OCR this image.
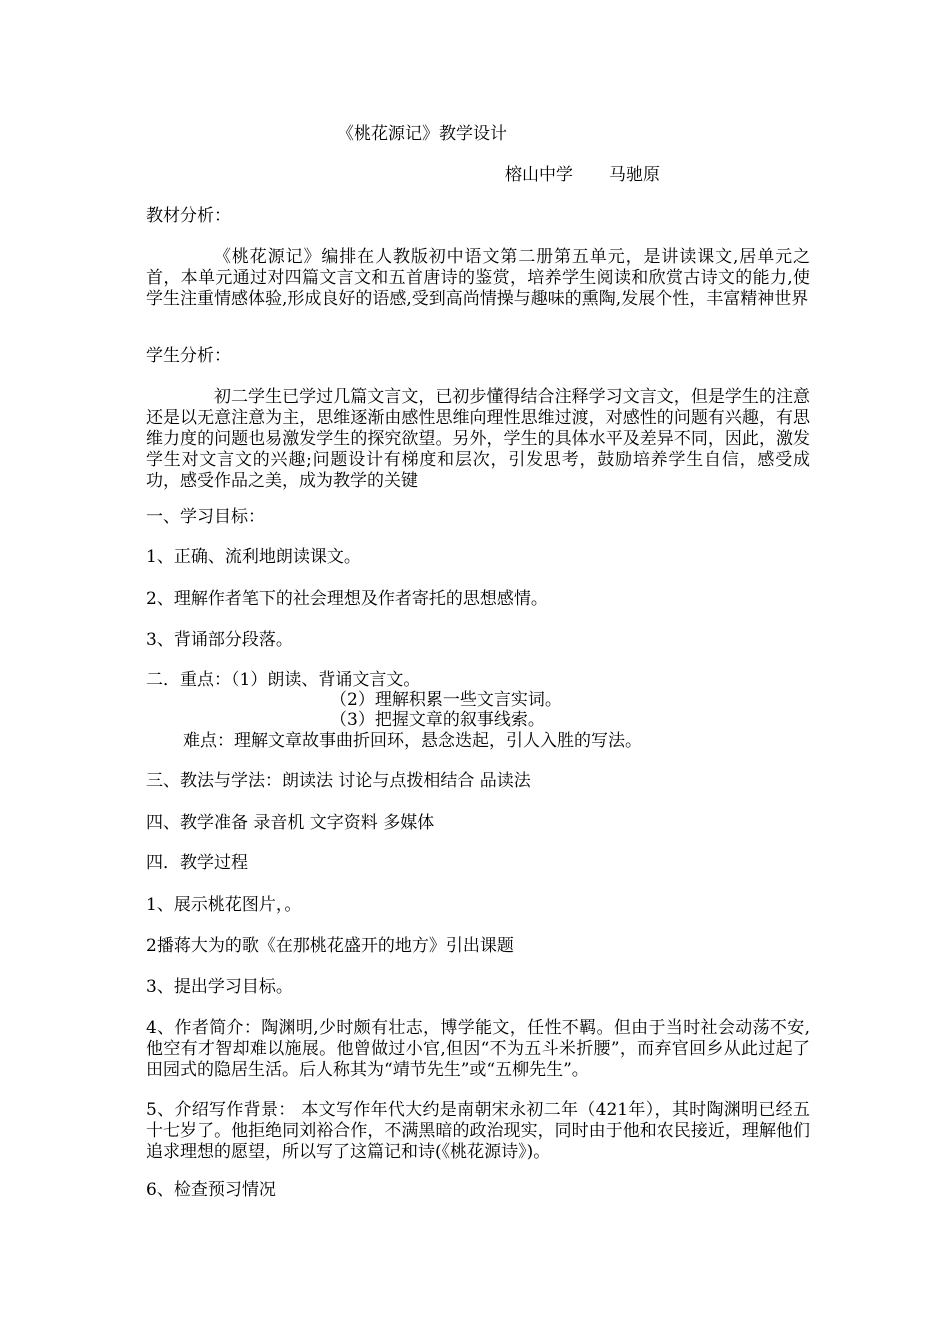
《桃花源记》教学设计
榕山中学 马驰原

教材分析：

《桃花源记》编排在人教版初中语文第二册第五单元，是讲读课文,居单元之首，本单元通过对四篇文言文和五首唐诗的鉴赏，培养学生阅读和欣赏古诗文的能力,使学生注重情感体验,形成良好的语感,受到高尚情操与趣味的熏陶,发展个性，丰富精神世界

学生分析：

初二学生已学过几篇文言文，已初步懂得结合注释学习文言文，但是学生的注意还是以无意注意为主，思维逐渐由感性思维向理性思维过渡，对感性的问题有兴趣，有思维力度的问题也易激发学生的探究欲望。另外，学生的具体水平及差异不同，因此，激发学生对文言文的兴趣;问题设计有梯度和层次，引发思考，鼓励培养学生自信，感受成功，感受作品之美，成为教学的关键

一、学习目标：

1、正确、流利地朗读课文。

2、理解作者笔下的社会理想及作者寄托的思想感情。

3、背诵部分段落。

二．重点：（1）朗读、背诵文言文。

（2）理解积累一些文言实词。
（3）把握文章的叙事线索。
难点：理解文章故事曲折回环，悬念迭起，引人入胜的写法。

三、教法与学法：朗读法 讨论与点拨相结合 品读法

四、教学准备 录音机 文字资料 多媒体

四．教学过程

1、展示桃花图片，。

2播蒋大为的歌《在那桃花盛开的地方》引出课题

3、提出学习目标。

4、作者简介：陶渊明,少时颇有壮志，博学能文，任性不羁。但由于当时社会动荡不安,他空有才智却难以施展。他曾做过小官,但因“不为五斗米折腰”，而弃官回乡从此过起了田园式的隐居生活。后人称其为“靖节先生”或“五柳先生”。

5、介绍写作背景： 本文写作年代大约是南朝宋永初二年（421年），其时陶渊明已经五十七岁了。他拒绝同刘裕合作，不满黑暗的政治现实，同时由于他和农民接近，理解他们追求理想的愿望，所以写了这篇记和诗(《桃花源诗》)。

6、检查预习情况
